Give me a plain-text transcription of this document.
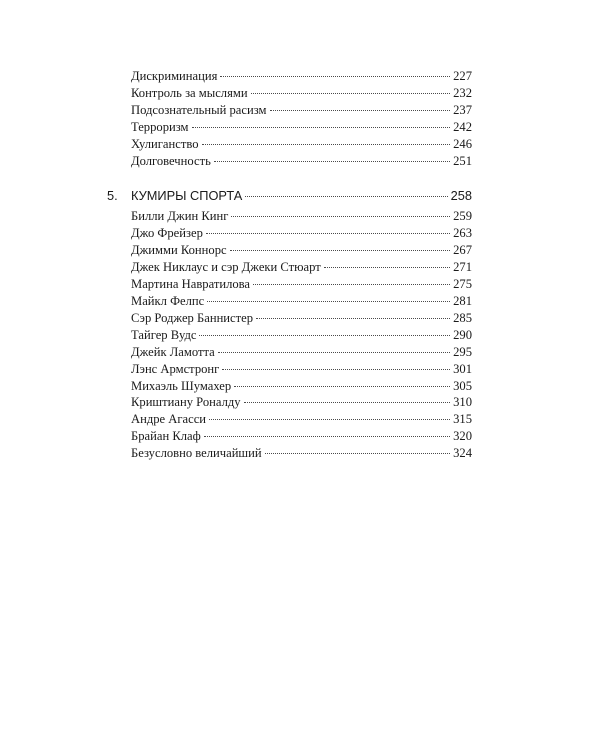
Дискриминация	227
Контроль за мыслями	232
Подсознательный расизм	237
Терроризм	242
Хулиганство	246
Долговечность	251
5. КУМИРЫ СПОРТА	258
Билли Джин Кинг	259
Джо Фрейзер	263
Джимми Коннорс	267
Джек Никлаус и сэр Джеки Стюарт	271
Мартина Навратилова	275
Майкл Фелпс	281
Сэр Роджер Баннистер	285
Тайгер Вудс	290
Джейк Ламотта	295
Лэнс Армстронг	301
Михаэль Шумахер	305
Криштиану Роналду	310
Андре Агасси	315
Брайан Клаф	320
Безусловно величайший	324
